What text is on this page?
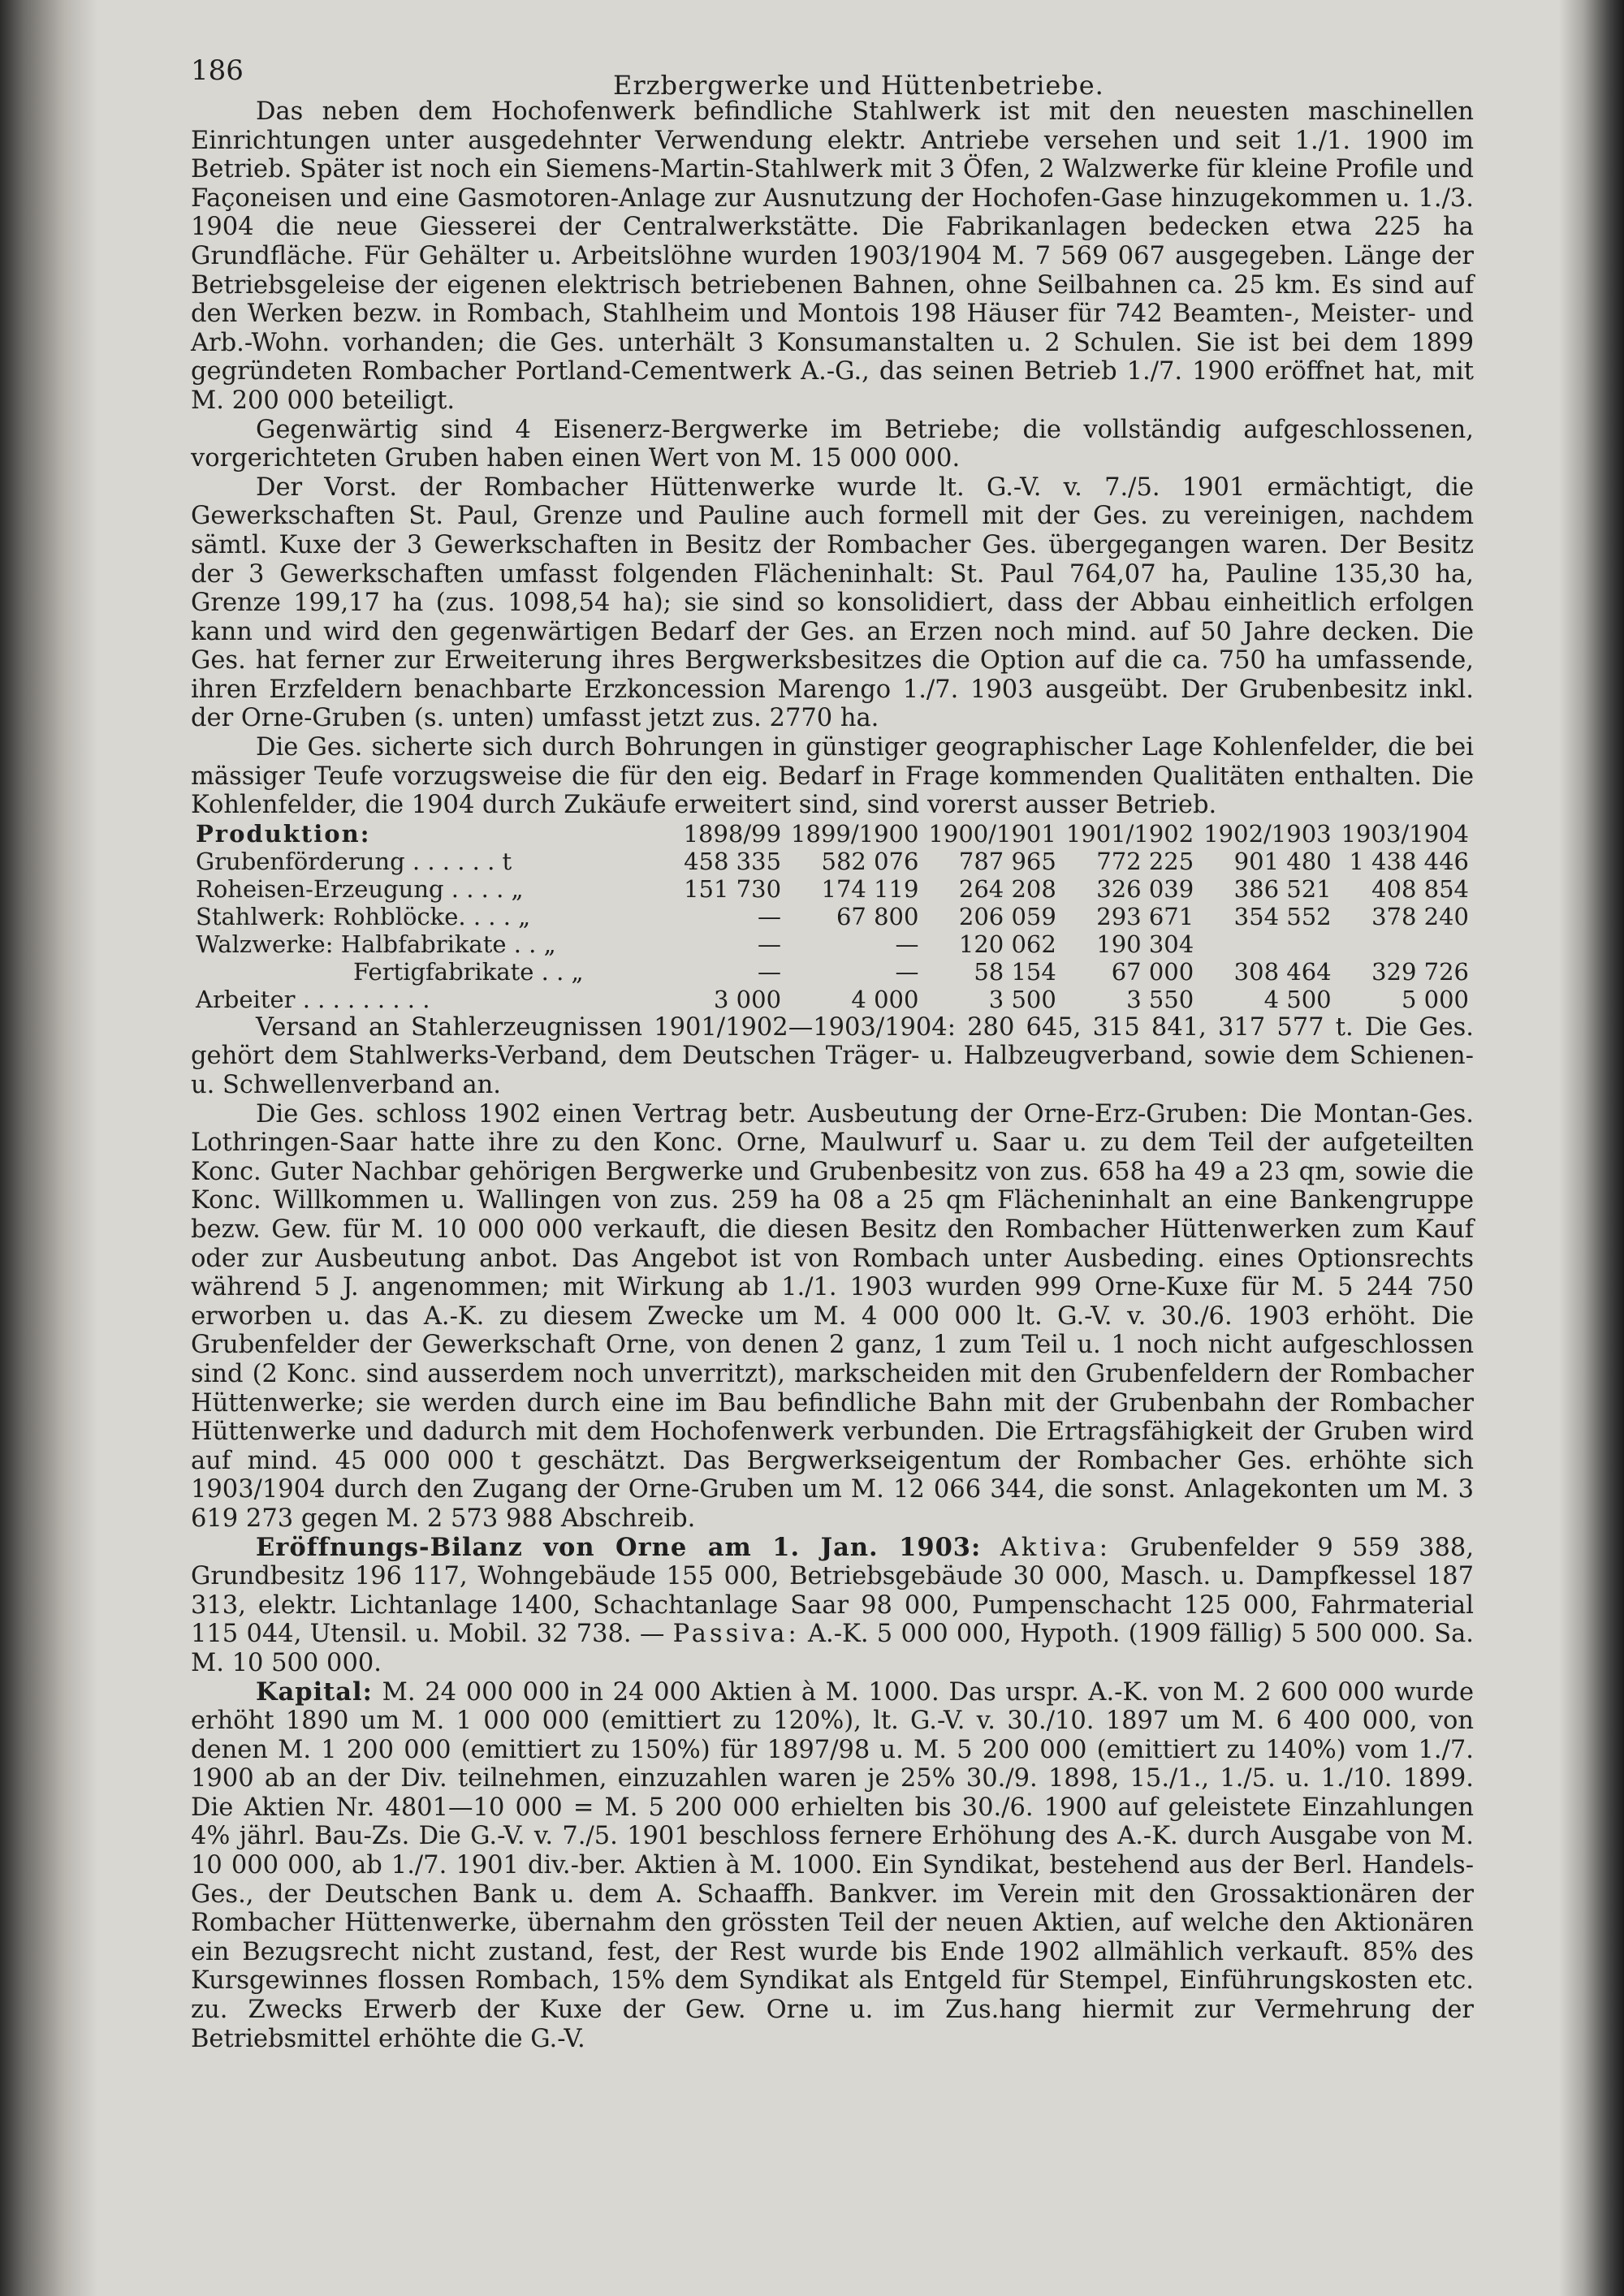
186	Erzbergwerke und Hüttenbetriebe.

Das neben dem Hochofenwerk befindliche Stahlwerk ist mit den neuesten maschinellen Einrichtungen unter ausgedehnter Verwendung elektr. Antriebe versehen und seit 1./1. 1900 im Betrieb. Später ist noch ein Siemens-Martin-Stahlwerk mit 3 Öfen, 2 Walzwerke für kleine Profile und Façoneisen und eine Gasmotoren-Anlage zur Ausnutzung der Hochofen-Gase hinzugekommen u. 1./3. 1904 die neue Giesserei der Centralwerkstätte. Die Fabrikanlagen bedecken etwa 225 ha Grundfläche. Für Gehälter u. Arbeitslöhne wurden 1903/1904 M. 7 569 067 ausgegeben. Länge der Betriebsgeleise der eigenen elektrisch betriebenen Bahnen, ohne Seilbahnen ca. 25 km. Es sind auf den Werken bezw. in Rombach, Stahlheim und Montois 198 Häuser für 742 Beamten-, Meister- und Arb.-Wohn. vorhanden; die Ges. unterhält 3 Konsumanstalten u. 2 Schulen. Sie ist bei dem 1899 gegründeten Rombacher Portland-Cementwerk A.-G., das seinen Betrieb 1./7. 1900 eröffnet hat, mit M. 200 000 beteiligt.

Gegenwärtig sind 4 Eisenerz-Bergwerke im Betriebe; die vollständig aufgeschlossenen, vorgerichteten Gruben haben einen Wert von M. 15 000 000.

Der Vorst. der Rombacher Hüttenwerke wurde lt. G.-V. v. 7./5. 1901 ermächtigt, die Gewerkschaften St. Paul, Grenze und Pauline auch formell mit der Ges. zu vereinigen, nachdem sämtl. Kuxe der 3 Gewerkschaften in Besitz der Rombacher Ges. übergegangen waren. Der Besitz der 3 Gewerkschaften umfasst folgenden Flächeninhalt: St. Paul 764,07 ha, Pauline 135,30 ha, Grenze 199,17 ha (zus. 1098,54 ha); sie sind so konsolidiert, dass der Abbau einheitlich erfolgen kann und wird den gegenwärtigen Bedarf der Ges. an Erzen noch mind. auf 50 Jahre decken. Die Ges. hat ferner zur Erweiterung ihres Bergwerksbesitzes die Option auf die ca. 750 ha umfassende, ihren Erzfeldern benachbarte Erzkoncession Marengo 1./7. 1903 ausgeübt. Der Grubenbesitz inkl. der Orne-Gruben (s. unten) umfasst jetzt zus. 2770 ha.

Die Ges. sicherte sich durch Bohrungen in günstiger geographischer Lage Kohlenfelder, die bei mässiger Teufe vorzugsweise die für den eig. Bedarf in Frage kommenden Qualitäten enthalten. Die Kohlenfelder, die 1904 durch Zukäufe erweitert sind, sind vorerst ausser Betrieb.

Produktion:	1898/99	1899/1900	1900/1901	1901/1902	1902/1903	1903/1904
Grubenförderung . . . . . . t	458 335	582 076	787 965	772 225	901 480	1 438 446
Roheisen-Erzeugung . . . . „	151 730	174 119	264 208	326 039	386 521	408 854
Stahlwerk: Rohblöcke. . . . „	—	67 800	206 059	293 671	354 552	378 240
Walzwerke: Halbfabrikate . . „	—	—	120 062	190 304		
Fertigfabrikate . . „	—	—	58 154	67 000	308 464	329 726
Arbeiter . . . . . . . . .	3 000	4 000	3 500	3 550	4 500	5 000

Versand an Stahlerzeugnissen 1901/1902—1903/1904: 280 645, 315 841, 317 577 t. Die Ges. gehört dem Stahlwerks-Verband, dem Deutschen Träger- u. Halbzeugverband, sowie dem Schienen- u. Schwellenverband an.

Die Ges. schloss 1902 einen Vertrag betr. Ausbeutung der Orne-Erz-Gruben: Die Montan-Ges. Lothringen-Saar hatte ihre zu den Konc. Orne, Maulwurf u. Saar u. zu dem Teil der aufgeteilten Konc. Guter Nachbar gehörigen Bergwerke und Grubenbesitz von zus. 658 ha 49 a 23 qm, sowie die Konc. Willkommen u. Wallingen von zus. 259 ha 08 a 25 qm Flächeninhalt an eine Bankengruppe bezw. Gew. für M. 10 000 000 verkauft, die diesen Besitz den Rombacher Hüttenwerken zum Kauf oder zur Ausbeutung anbot. Das Angebot ist von Rombach unter Ausbeding. eines Optionsrechts während 5 J. angenommen; mit Wirkung ab 1./1. 1903 wurden 999 Orne-Kuxe für M. 5 244 750 erworben u. das A.-K. zu diesem Zwecke um M. 4 000 000 lt. G.-V. v. 30./6. 1903 erhöht. Die Grubenfelder der Gewerkschaft Orne, von denen 2 ganz, 1 zum Teil u. 1 noch nicht aufgeschlossen sind (2 Konc. sind ausserdem noch unverritzt), markscheiden mit den Grubenfeldern der Rombacher Hüttenwerke; sie werden durch eine im Bau befindliche Bahn mit der Grubenbahn der Rombacher Hüttenwerke und dadurch mit dem Hochofenwerk verbunden. Die Ertragsfähigkeit der Gruben wird auf mind. 45 000 000 t geschätzt. Das Bergwerkseigentum der Rombacher Ges. erhöhte sich 1903/1904 durch den Zugang der Orne-Gruben um M. 12 066 344, die sonst. Anlagekonten um M. 3 619 273 gegen M. 2 573 988 Abschreib.

Eröffnungs-Bilanz von Orne am 1. Jan. 1903: Aktiva: Grubenfelder 9 559 388, Grundbesitz 196 117, Wohngebäude 155 000, Betriebsgebäude 30 000, Masch. u. Dampfkessel 187 313, elektr. Lichtanlage 1400, Schachtanlage Saar 98 000, Pumpenschacht 125 000, Fahrmaterial 115 044, Utensil. u. Mobil. 32 738. — Passiva: A.-K. 5 000 000, Hypoth. (1909 fällig) 5 500 000. Sa. M. 10 500 000.

Kapital: M. 24 000 000 in 24 000 Aktien à M. 1000. Das urspr. A.-K. von M. 2 600 000 wurde erhöht 1890 um M. 1 000 000 (emittiert zu 120%), lt. G.-V. v. 30./10. 1897 um M. 6 400 000, von denen M. 1 200 000 (emittiert zu 150%) für 1897/98 u. M. 5 200 000 (emittiert zu 140%) vom 1./7. 1900 ab an der Div. teilnehmen, einzuzahlen waren je 25% 30./9. 1898, 15./1., 1./5. u. 1./10. 1899. Die Aktien Nr. 4801—10 000 = M. 5 200 000 erhielten bis 30./6. 1900 auf geleistete Einzahlungen 4% jährl. Bau-Zs. Die G.-V. v. 7./5. 1901 beschloss fernere Erhöhung des A.-K. durch Ausgabe von M. 10 000 000, ab 1./7. 1901 div.-ber. Aktien à M. 1000. Ein Syndikat, bestehend aus der Berl. Handels-Ges., der Deutschen Bank u. dem A. Schaaffh. Bankver. im Verein mit den Grossaktionären der Rombacher Hüttenwerke, übernahm den grössten Teil der neuen Aktien, auf welche den Aktionären ein Bezugsrecht nicht zustand, fest, der Rest wurde bis Ende 1902 allmählich verkauft. 85% des Kursgewinnes flossen Rombach, 15% dem Syndikat als Entgeld für Stempel, Einführungskosten etc. zu. Zwecks Erwerb der Kuxe der Gew. Orne u. im Zus.hang hiermit zur Vermehrung der Betriebsmittel erhöhte die G.-V.
